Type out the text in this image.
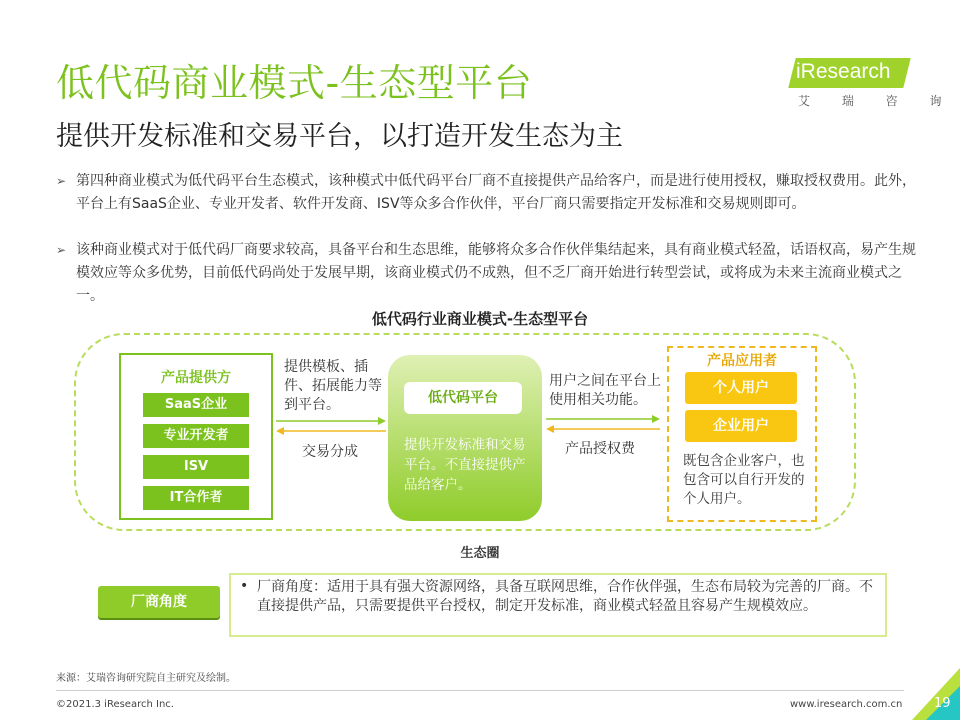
低代码商业模式-生态型平台
提供开发标准和交易平台，以打造开发生态为主
iResearch
艾 瑞 咨 询
➢ 第四种商业模式为低代码平台生态模式，该种模式中低代码平台厂商不直接提供产品给客户，而是进行使用授权，赚取授权费用。此外，平台上有SaaS企业、专业开发者、软件开发商、ISV等众多合作伙伴，平台厂商只需要指定开发标准和交易规则即可。
➢ 该种商业模式对于低代码厂商要求较高，具备平台和生态思维，能够将众多合作伙伴集结起来，具有商业模式轻盈，话语权高，易产生规模效应等众多优势，目前低代码尚处于发展早期，该商业模式仍不成熟，但不乏厂商开始进行转型尝试，或将成为未来主流商业模式之一。
低代码行业商业模式-生态型平台
产品提供方
SaaS企业
专业开发者
ISV
IT合作者
提供模板、插件、拓展能力等到平台。
交易分成
低代码平台
提供开发标准和交易平台。不直接提供产品给客户。
用户之间在平台上使用相关功能。
产品授权费
产品应用者
个人用户
企业用户
既包含企业客户，也包含可以自行开发的个人用户。
生态圈
厂商角度
• 厂商角度：适用于具有强大资源网络，具备互联网思维，合作伙伴强，生态布局较为完善的厂商。不直接提供产品，只需要提供平台授权，制定开发标准，商业模式轻盈且容易产生规模效应。
来源：艾瑞咨询研究院自主研究及绘制。
©2021.3 iResearch Inc.	www.iresearch.com.cn 19
